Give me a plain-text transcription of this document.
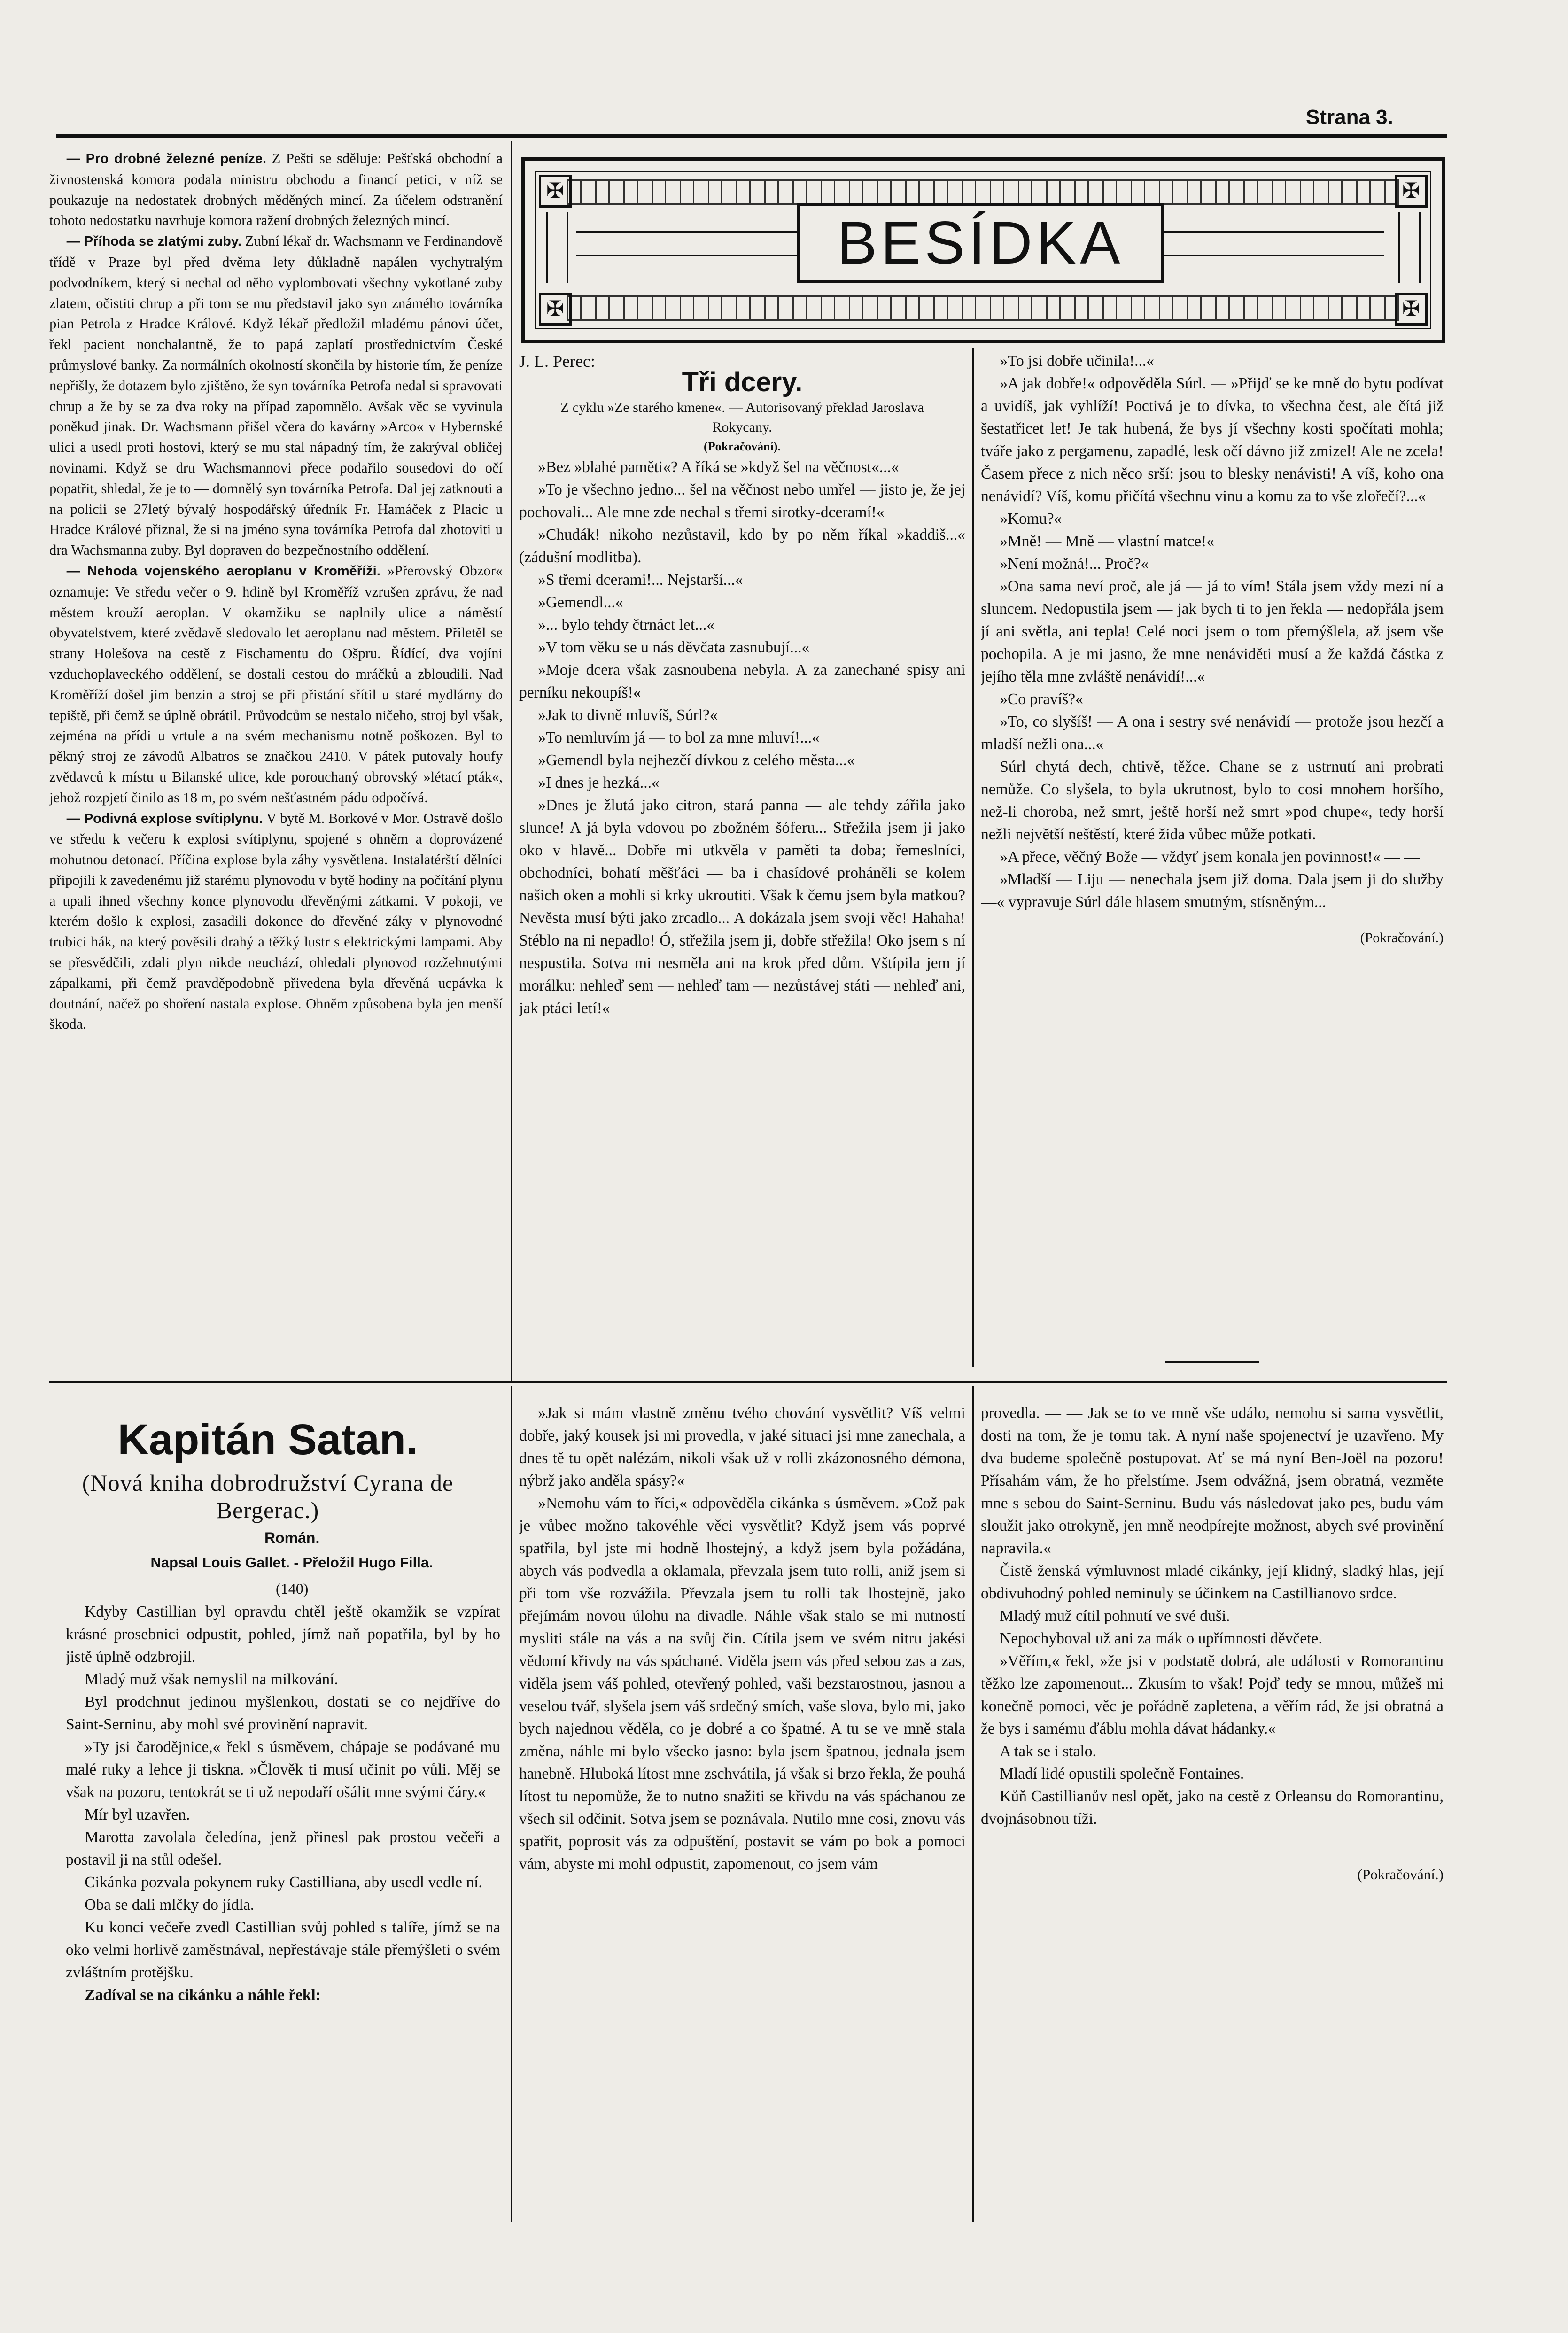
Strana 3.

— Pro drobné železné peníze. Z Pešti se sděluje: Pešťská obchodní a živnostenská komora podala ministru obchodu a financí petici, v níž se poukazuje na nedostatek drobných měděných mincí. Za účelem odstranění tohoto nedostatku navrhuje komora ražení drobných železných mincí.

— Příhoda se zlatými zuby. Zubní lékař dr. Wachsmann ve Ferdinandově třídě v Praze byl před dvěma lety důkladně napálen vychytralým podvodníkem, který si nechal od něho vyplombovati všechny vykotlané zuby zlatem, očistiti chrup a při tom se mu představil jako syn známého továrníka pian Petrola z Hradce Králové. Když lékař předložil mladému pánovi účet, řekl pacient nonchalantně, že to papá zaplatí prostřednictvím České průmyslové banky. Za normálních okolností skončila by historie tím, že peníze nepřišly, že dotazem bylo zjištěno, že syn továrníka Petrofa nedal si spravovati chrup a že by se za dva roky na případ zapomnělo. Avšak věc se vyvinula poněkud jinak. Dr. Wachsmann přišel včera do kavárny »Arco« v Hybernské ulici a usedl proti hostovi, který se mu stal nápadný tím, že zakrýval obličej novinami. Když se dru Wachsmannovi přece podařilo sousedovi do očí popatřit, shledal, že je to — domnělý syn továrníka Petrofa. Dal jej zatknouti a na policii se 27letý bývalý hospodářský úředník Fr. Hamáček z Placic u Hradce Králové přiznal, že si na jméno syna továrníka Petrofa dal zhotoviti u dra Wachsmanna zuby. Byl dopraven do bezpečnostního oddělení.

— Nehoda vojenského aeroplanu v Kroměříži. »Přerovský Obzor« oznamuje: Ve středu večer o 9. hdině byl Kroměříž vzrušen zprávu, že nad městem krouží aeroplan. V okamžiku se naplnily ulice a náměstí obyvatelstvem, které zvědavě sledovalo let aeroplanu nad městem. Přiletěl se strany Holešova na cestě z Fischamentu do Ošpru. Řídící, dva vojíni vzduchoplaveckého oddělení, se dostali cestou do mráčků a zbloudili. Nad Kroměříží došel jim benzin a stroj se při přistání sřítil u staré mydlárny do tepiště, při čemž se úplně obrátil. Průvodcům se nestalo ničeho, stroj byl však, zejména na přídi u vrtule a na svém mechanismu notně poškozen. Byl to pěkný stroj ze závodů Albatros se značkou 2410. V pátek putovaly houfy zvědavců k místu u Bilanské ulice, kde porouchaný obrovský »létací pták«, jehož rozpjetí činilo as 18 m, po svém nešťastném pádu odpočívá.

— Podivná explose svítiplynu. V bytě M. Borkové v Mor. Ostravě došlo ve středu k večeru k explosi svítiplynu, spojené s ohněm a doprovázené mohutnou detonací. Příčina explose byla záhy vysvětlena. Instalatérští dělníci připojili k zavedenému již starému plynovodu v bytě hodiny na počítání plynu a upali ihned všechny konce plynovodu dřevěnými zátkami. V pokoji, ve kterém došlo k explosi, zasadili dokonce do dřevěné záky v plynovodné trubici hák, na který pověsili drahý a těžký lustr s elektrickými lampami. Aby se přesvědčili, zdali plyn nikde neuchází, ohledali plynovod rozžehnutými zápalkami, při čemž pravděpodobně přivedena byla dřevěná ucpávka k doutnání, načež po shoření nastala explose. Ohněm způsobena byla jen menší škoda.

✠	✠
✠	✠
BESÍDKA

J. L. Perec:

Tři dcery.

Z cyklu »Ze starého kmene«. — Autorisovaný překlad Jaroslava Rokycany.

(Pokračování).

»Bez »blahé paměti«? A říká se »když šel na věčnost«...«

»To je všechno jedno... šel na věčnost nebo umřel — jisto je, že jej pochovali... Ale mne zde nechal s třemi sirotky-dceramí!«

»Chudák! nikoho nezůstavil, kdo by po něm říkal »kaddiš...« (zádušní modlitba).

»S třemi dcerami!... Nejstarší...«

»Gemendl...«

»... bylo tehdy čtrnáct let...«

»V tom věku se u nás děvčata zasnubují...«

»Moje dcera však zasnoubena nebyla. A za zanechané spisy ani perníku nekoupíš!«

»Jak to divně mluvíš, Súrl?«

»To nemluvím já — to bol za mne mluví!...«

»Gemendl byla nejhezčí dívkou z celého města...«

»I dnes je hezká...«

»Dnes je žlutá jako citron, stará panna — ale tehdy zářila jako slunce! A já byla vdovou po zbožném šóferu... Střežila jsem ji jako oko v hlavě... Dobře mi utkvěla v paměti ta doba; řemeslníci, obchodníci, bohatí měšťáci — ba i chasídové proháněli se kolem našich oken a mohli si krky ukroutiti. Však k čemu jsem byla matkou? Nevěsta musí býti jako zrcadlo... A dokázala jsem svoji věc! Hahaha! Stéblo na ni nepadlo! Ó, střežila jsem ji, dobře střežila! Oko jsem s ní nespustila. Sotva mi nesměla ani na krok před dům. Vštípila jem jí morálku: nehleď sem — nehleď tam — nezůstávej státi — nehleď ani, jak ptáci letí!«

»To jsi dobře učinila!...«

»A jak dobře!« odpověděla Súrl. — »Přijď se ke mně do bytu podívat a uvidíš, jak vyhlíží! Poctivá je to dívka, to všechna čest, ale čítá již šestatřicet let! Je tak hubená, že bys jí všechny kosti spočítati mohla; tváře jako z pergamenu, zapadlé, lesk očí dávno již zmizel! Ale ne zcela! Časem přece z nich něco srší: jsou to blesky nenávisti! A víš, koho ona nenávidí? Víš, komu přičítá všechnu vinu a komu za to vše zlořečí?...«

»Komu?«

»Mně! — Mně — vlastní matce!«

»Není možná!... Proč?«

»Ona sama neví proč, ale já — já to vím! Stála jsem vždy mezi ní a sluncem. Nedopustila jsem — jak bych ti to jen řekla — nedopřála jsem jí ani světla, ani tepla! Celé noci jsem o tom přemýšlela, až jsem vše pochopila. A je mi jasno, že mne nenáviděti musí a že každá částka z jejího těla mne zvláště nenávidí!...«

»Co pravíš?«

»To, co slyšíš! — A ona i sestry své nenávidí — protože jsou hezčí a mladší nežli ona...«

Súrl chytá dech, chtivě, těžce. Chane se z ustrnutí ani probrati nemůže. Co slyšela, to byla ukrutnost, bylo to cosi mnohem horšího, než-li choroba, než smrt, ještě horší než smrt »pod chupe«, tedy horší nežli největší neštěstí, které žida vůbec může potkati.

»A přece, věčný Bože — vždyť jsem konala jen povinnost!« — —

»Mladší — Liju — nenechala jsem již doma. Dala jsem ji do služby —« vypravuje Súrl dále hlasem smutným, stísněným...

(Pokračování.)

Kapitán Satan.
(Nová kniha dobrodružství Cyrana de Bergerac.)

Román.

Napsal Louis Gallet. - Přeložil Hugo Filla.

(140)

Kdyby Castillian byl opravdu chtěl ještě okamžik se vzpírat krásné prosebnici odpustit, pohled, jímž naň popatřila, byl by ho jistě úplně odzbrojil.

Mladý muž však nemyslil na milkování.

Byl prodchnut jedinou myšlenkou, dostati se co nejdříve do Saint-Serninu, aby mohl své provinění napravit.

»Ty jsi čarodějnice,« řekl s úsměvem, chápaje se podávané mu malé ruky a lehce ji tiskna. »Člověk ti musí učinit po vůli. Měj se však na pozoru, tentokrát se ti už nepodaří ošálit mne svými čáry.«

Mír byl uzavřen.

Marotta zavolala čeledína, jenž přinesl pak prostou večeři a postavil ji na stůl odešel.

Cikánka pozvala pokynem ruky Castilliana, aby usedl vedle ní.

Oba se dali mlčky do jídla.

Ku konci večeře zvedl Castillian svůj pohled s talíře, jímž se na oko velmi horlivě zaměstnával, nepřestávaje stále přemýšleti o svém zvláštním protějšku.

Zadíval se na cikánku a náhle řekl:

»Jak si mám vlastně změnu tvého chování vysvětlit? Víš velmi dobře, jaký kousek jsi mi provedla, v jaké situaci jsi mne zanechala, a dnes tě tu opět nalézám, nikoli však už v rolli zkázonosného démona, nýbrž jako anděla spásy?«

»Nemohu vám to říci,« odpověděla cikánka s úsměvem. »Což pak je vůbec možno takovéhle věci vysvětlit? Když jsem vás poprvé spatřila, byl jste mi hodně lhostejný, a když jsem byla požádána, abych vás podvedla a oklamala, převzala jsem tuto rolli, aniž jsem si při tom vše rozvážila. Převzala jsem tu rolli tak lhostejně, jako přejímám novou úlohu na divadle. Náhle však stalo se mi nutností mysliti stále na vás a na svůj čin. Cítila jsem ve svém nitru jakési vědomí křivdy na vás spáchané. Viděla jsem vás před sebou zas a zas, viděla jsem váš pohled, otevřený pohled, vaši bezstarostnou, jasnou a veselou tvář, slyšela jsem váš srdečný smích, vaše slova, bylo mi, jako bych najednou věděla, co je dobré a co špatné. A tu se ve mně stala změna, náhle mi bylo všecko jasno: byla jsem špatnou, jednala jsem hanebně. Hluboká lítost mne zschvátila, já však si brzo řekla, že pouhá lítost tu nepomůže, že to nutno snažiti se křivdu na vás spáchanou ze všech sil odčinit. Sotva jsem se poznávala. Nutilo mne cosi, znovu vás spatřit, poprosit vás za odpuštění, postavit se vám po bok a pomoci vám, abyste mi mohl odpustit, zapomenout, co jsem vám

provedla. — — Jak se to ve mně vše událo, nemohu si sama vysvětlit, dosti na tom, že je tomu tak. A nyní naše spojenectví je uzavřeno. My dva budeme společně postupovat. Ať se má nyní Ben-Joël na pozoru! Přísahám vám, že ho přelstíme. Jsem odvážná, jsem obratná, vezměte mne s sebou do Saint-Serninu. Budu vás následovat jako pes, budu vám sloužit jako otrokyně, jen mně neodpírejte možnost, abych své provinění napravila.«

Čistě ženská výmluvnost mladé cikánky, její klidný, sladký hlas, její obdivuhodný pohled neminuly se účinkem na Castillianovo srdce.

Mladý muž cítil pohnutí ve své duši.

Nepochyboval už ani za mák o upřímnosti děvčete.

»Věřím,« řekl, »že jsi v podstatě dobrá, ale události v Romorantinu těžko lze zapomenout... Zkusím to však! Pojď tedy se mnou, můžeš mi konečně pomoci, věc je pořádně zapletena, a věřím rád, že jsi obratná a že bys i samému ďáblu mohla dávat hádanky.«

A tak se i stalo.

Mladí lidé opustili společně Fontaines.

Kůň Castillianův nesl opět, jako na cestě z Orleansu do Romorantinu, dvojnásobnou tíži.

(Pokračování.)
